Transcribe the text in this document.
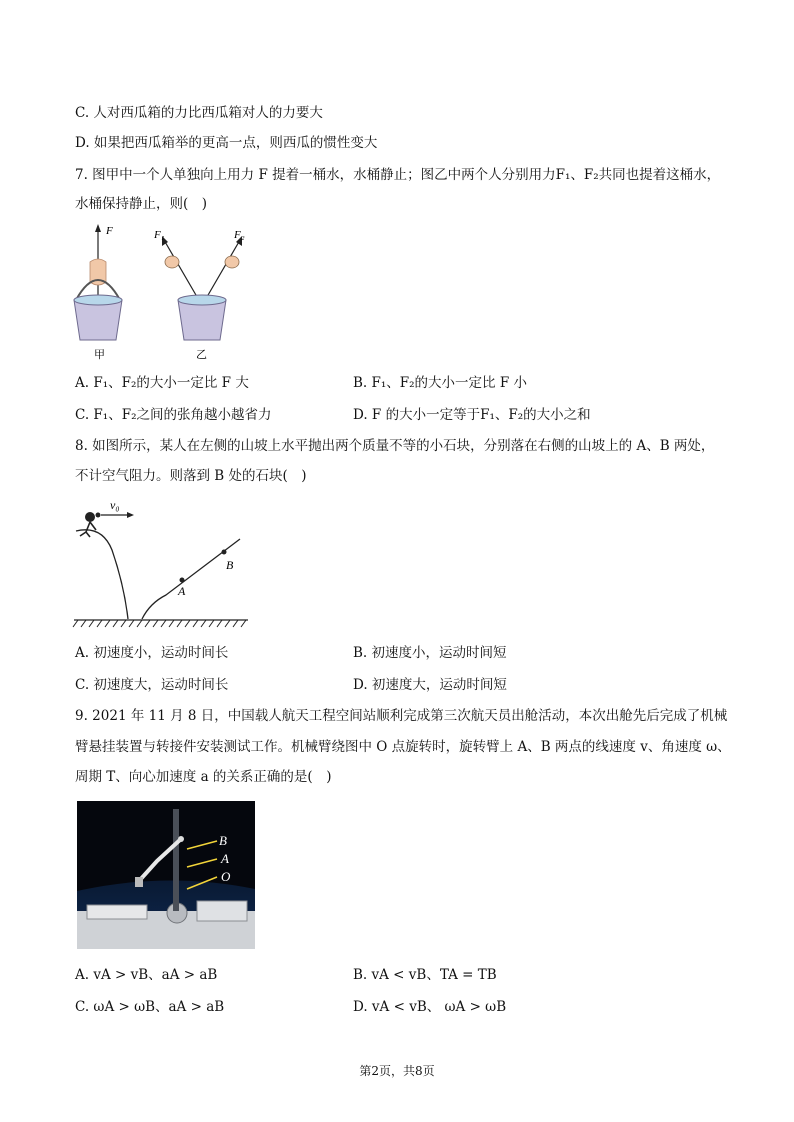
C. 人对西瓜箱的力比西瓜箱对人的力要大
D. 如果把西瓜箱举的更高一点，则西瓜的惯性变大
7. 图甲中一个人单独向上用力 F 提着一桶水，水桶静止；图乙中两个人分别用力F₁、F₂共同也提着这桶水，
水桶保持静止，则(　)
F
甲
F₁	F₂
乙
A. F₁、F₂的大小一定比 F 大	B. F₁、F₂的大小一定比 F 小
C. F₁、F₂之间的张角越小越省力	D. F 的大小一定等于F₁、F₂的大小之和
8. 如图所示，某人在左侧的山坡上水平抛出两个质量不等的小石块，分别落在右侧的山坡上的 A、B 两处，
不计空气阻力。则落到 B 处的石块(　)
v₀
A
B
A. 初速度小，运动时间长	B. 初速度小，运动时间短
C. 初速度大，运动时间长	D. 初速度大，运动时间短
9. 2021 年 11 月 8 日，中国载人航天工程空间站顺利完成第三次航天员出舱活动，本次出舱先后完成了机械
臂悬挂装置与转接件安装测试工作。机械臂绕图中 O 点旋转时，旋转臂上 A、B 两点的线速度 v、角速度 ω、
周期 T、向心加速度 a 的关系正确的是(　)
B
A
O
A. vA > vB、aA > aB	B. vA < vB、TA = TB
C. ωA > ωB、aA > aB	D. vA < vB、 ωA > ωB
第2页，共8页
